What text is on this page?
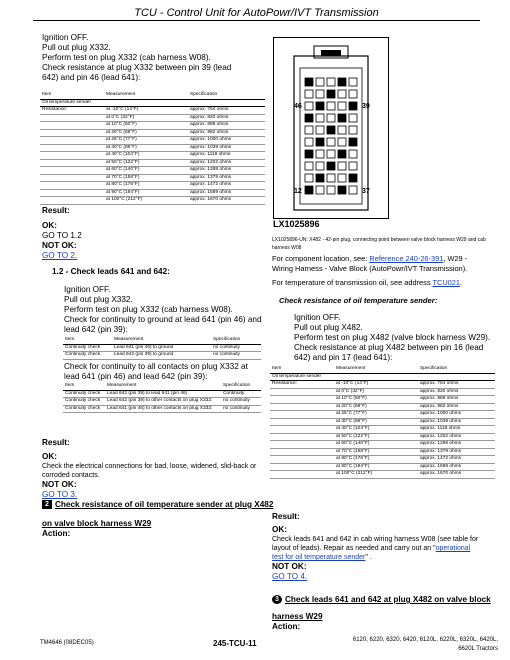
TCU - Control Unit for AutoPowr/IVT Transmission
Ignition OFF.
Pull out plug X332.
Perform test on plug X332 (cab harness W08).
Check resistance at plug X332 between pin 39 (lead
642) and pin 46 (lead 641):
Item	Measurement	Specification
Oil temperature sender		
Resistance:	at -10°C (14°F)	approx. 754 ohms
	at 0°C (32°F)	approx. 820 ohms
	at 10°C (50°F)	approx. 889 ohms
	at 20°C (68°F)	approx. 982 ohms
	at 25°C (77°F)	approx. 1000 ohms
	at 30°C (86°F)	approx. 1039 ohms
	at 40°C (104°F)	approx. 1118 ohms
	at 50°C (122°F)	approx. 1202 ohms
	at 60°C (140°F)	approx. 1288 ohms
	at 70°C (158°F)	approx. 1379 ohms
	at 80°C (176°F)	approx. 1472 ohms
	at 90°C (194°F)	approx. 1589 ohms
	at 100°C (212°F)	approx. 1670 ohms
Result:
OK:
GO TO 1.2
NOT OK:
GO TO 2.
46	39
12	37
LX1025896
1.2 - Check leads 641 and 642:
Ignition OFF.
Pull out plug X332.
Perform test on plug X332 (cab harness W08).
Check for continuity to ground at lead 641 (pin 46) and
lead 642 (pin 39):
Item	Measurement	Specification
Continuity check	Lead 641 (pin 46) to ground	no continuity
Continuity check	Lead 642 (pin 39) to ground	no continuity
Check for continuity to all contacts on plug X332 at
lead 641 (pin 46) and lead 642 (pin 39):
Item	Measurement	Specification
Continuity check	Lead 642 (pin 39) to lead 641 (pin 46)	Continuity
Continuity check	Lead 642 (pin 39) to other contacts on plug X332:	no continuity
Continuity check	Lead 641 (pin 46) to other contacts on plug X332:	no continuity
Result:
OK:
Check the electrical connections for bad, loose, widened, slid-back or corroded contacts.
NOT OK:
GO TO 3.
2 Check resistance of oil temperature sender at plug X482
on valve block harness W29
Action:
LX1025896-UN: X482 - 42-pin plug, connecting point between valve block harness W29 and cab harness W08
For component location, see: Reference 240-26-391, W29 -
Wiring Harness - Valve Block (AutoPowr/IVT Transmission).
For temperature of transmission oil, see address TCU021.
Check resistance of oil temperature sender:
Ignition OFF.
Pull out plug X482.
Perform test on plug X482 (valve block harness W29).
Check resistance at plug X482 between pin 16 (lead
642) and pin 17 (lead 641):
Item	Measurement	Specification
Oil temperature sender		
Resistance:	at -10°C (14°F)	approx. 754 ohms
	at 0°C (32°F)	approx. 820 ohms
	at 10°C (50°F)	approx. 889 ohms
	at 20°C (68°F)	approx. 982 ohms
	at 25°C (77°F)	approx. 1000 ohms
	at 30°C (86°F)	approx. 1039 ohms
	at 40°C (104°F)	approx. 1118 ohms
	at 50°C (122°F)	approx. 1202 ohms
	at 60°C (140°F)	approx. 1288 ohms
	at 70°C (158°F)	approx. 1379 ohms
	at 80°C (176°F)	approx. 1472 ohms
	at 90°C (194°F)	approx. 1589 ohms
	at 100°C (212°F)	approx. 1670 ohms
Result:
OK:
Check leads 641 and 642 in cab wiring harness W08 (see table for
layout of leads). Repair as needed and carry out an "operational
test for oil temperature sender" .
NOT OK:
GO TO 4.
3 Check leads 641 and 642 at plug X482 on valve block
harness W29
Action:
TM4646 (08DEC05)	245-TCU-11	6120, 6220, 6320, 6420, 6120L, 6220L, 6320L, 6420L,
6620L Tractors
